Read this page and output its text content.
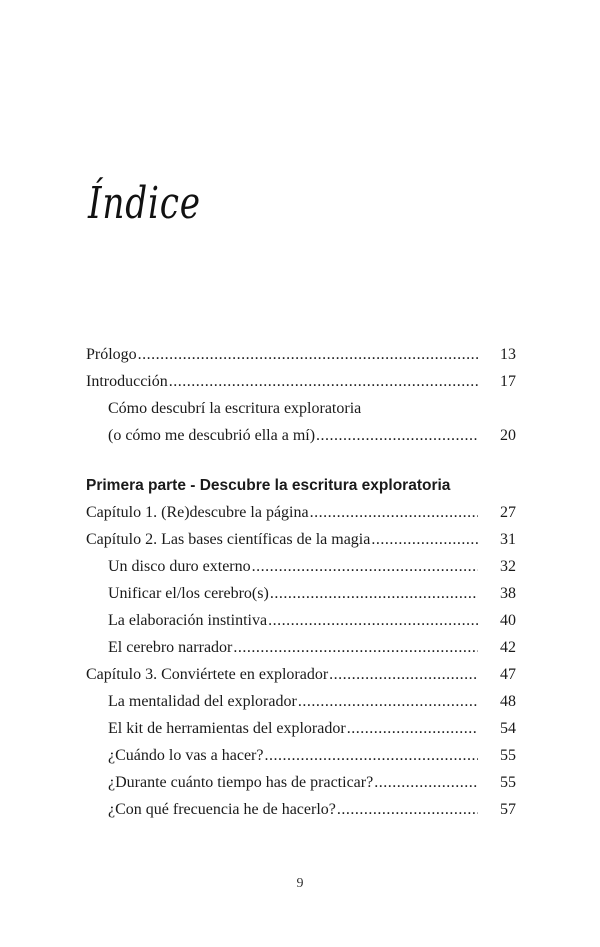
Índice
Prólogo .....	13
Introducción .....	17
Cómo descubrí la escritura exploratoria
(o cómo me descubrió ella a mí) .....	20
Primera parte - Descubre la escritura exploratoria
Capítulo 1. (Re)descubre la página .....	27
Capítulo 2. Las bases científicas de la magia .....	31
Un disco duro externo .....	32
Unificar el/los cerebro(s) .....	38
La elaboración instintiva .....	40
El cerebro narrador .....	42
Capítulo 3. Conviértete en explorador .....	47
La mentalidad del explorador .....	48
El kit de herramientas del explorador .....	54
¿Cuándo lo vas a hacer? .....	55
¿Durante cuánto tiempo has de practicar? .....	55
¿Con qué frecuencia he de hacerlo? .....	57
9
